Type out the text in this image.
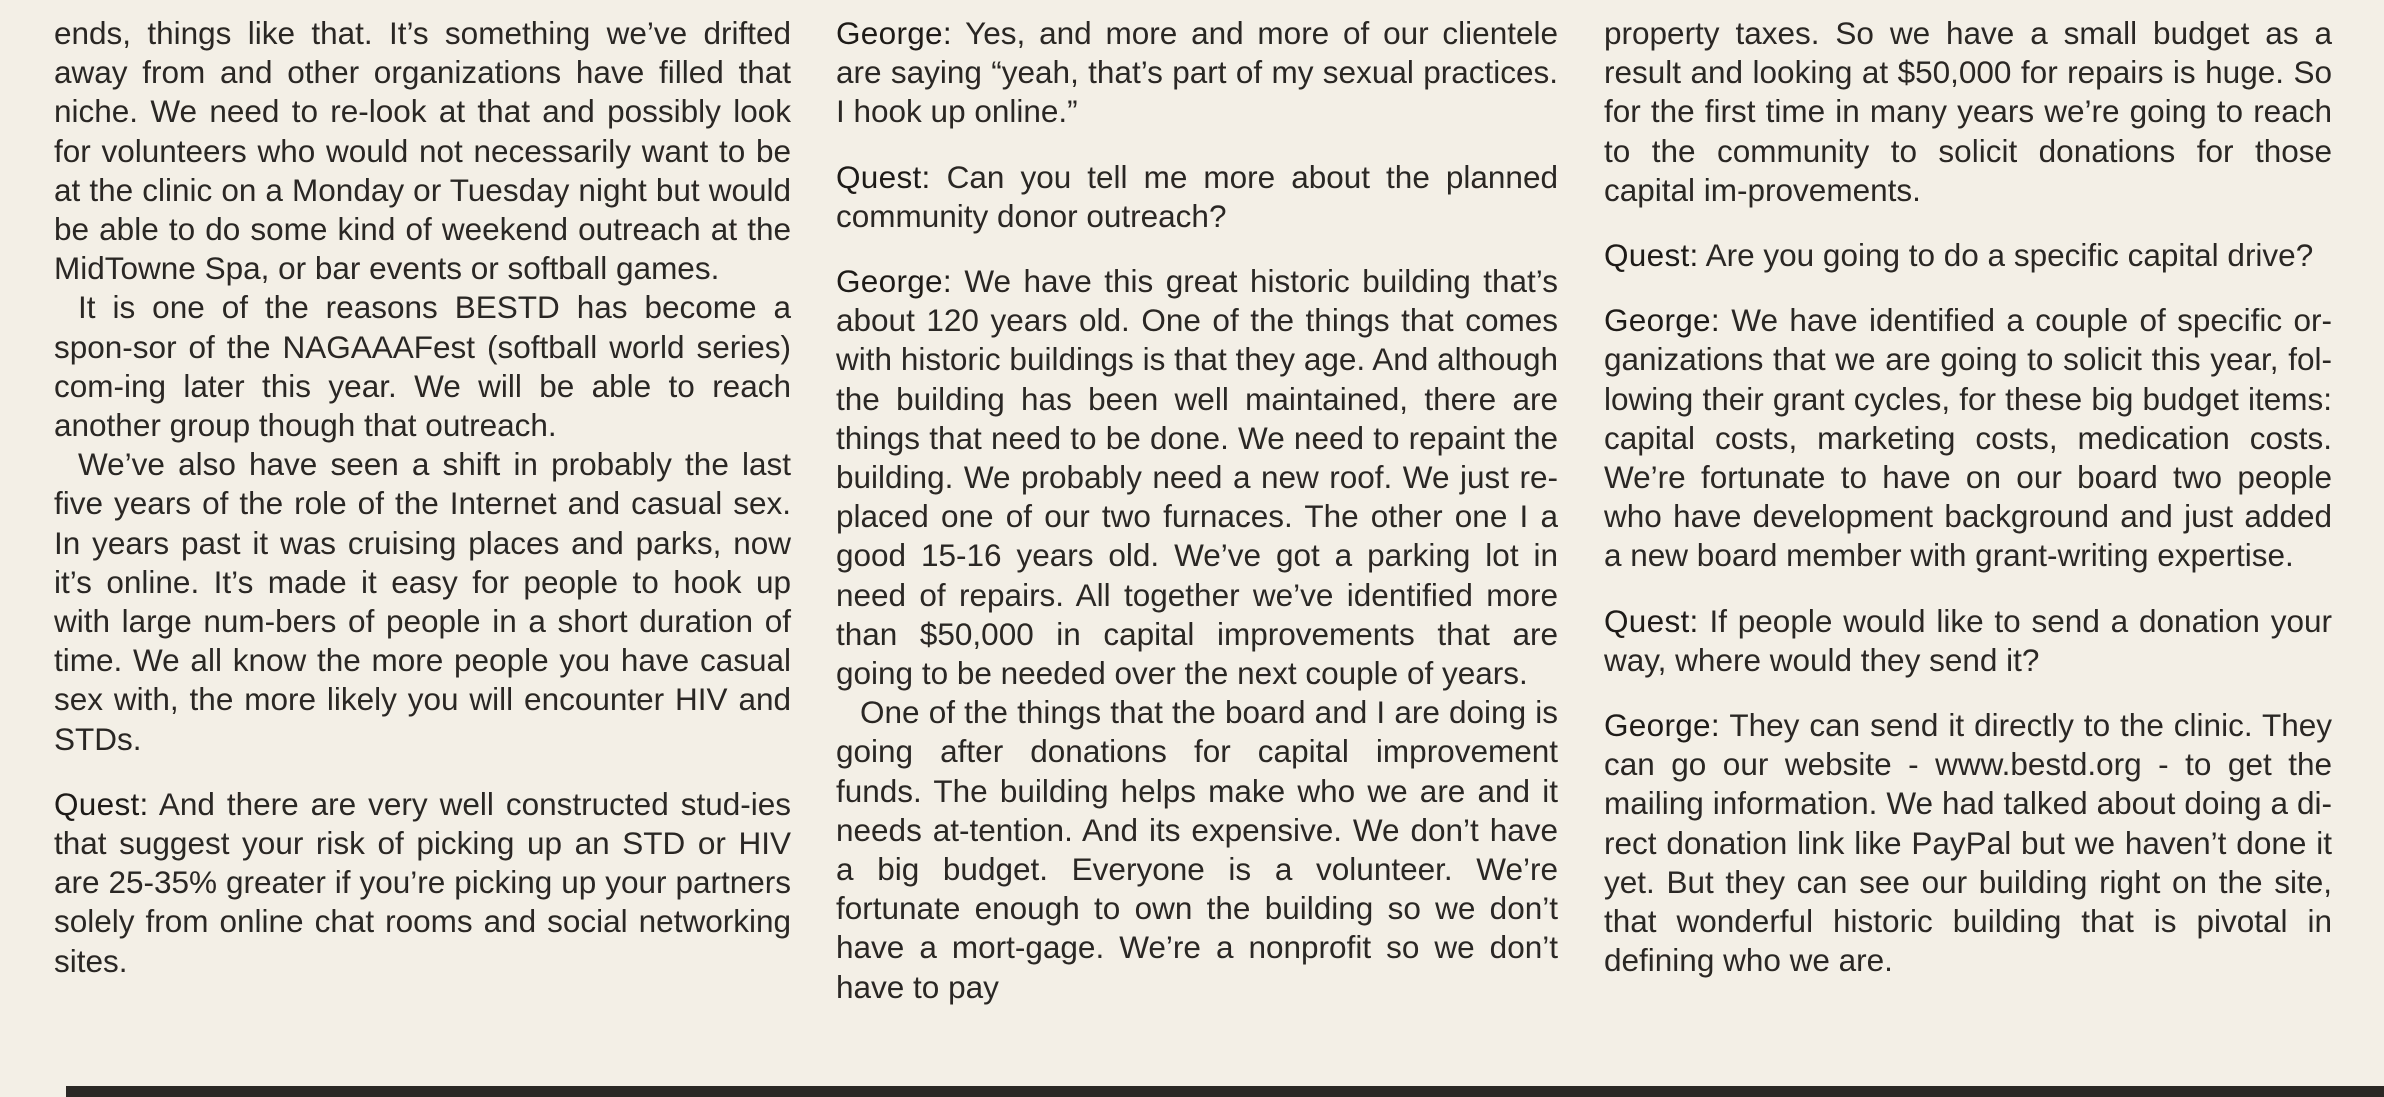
ends, things like that. It’s something we’ve drifted away from and other organizations have filled that niche. We need to re-look at that and possibly look for volunteers who would not necessarily want to be at the clinic on a Monday or Tuesday night but would be able to do some kind of weekend outreach at the MidTowne Spa, or bar events or softball games.

It is one of the reasons BESTD has become a spon-sor of the NAGAAAFest (softball world series) com-ing later this year. We will be able to reach another group though that outreach.

We’ve also have seen a shift in probably the last five years of the role of the Internet and casual sex. In years past it was cruising places and parks, now it’s online. It’s made it easy for people to hook up with large num-bers of people in a short duration of time. We all know the more people you have casual sex with, the more likely you will encounter HIV and STDs.

Quest: And there are very well constructed stud-ies that suggest your risk of picking up an STD or HIV are 25-35% greater if you’re picking up your partners solely from online chat rooms and social networking sites.

George: Yes, and more and more of our clientele are saying “yeah, that’s part of my sexual practices. I hook up online.”

Quest: Can you tell me more about the planned community donor outreach?

George: We have this great historic building that’s about 120 years old. One of the things that comes with historic buildings is that they age. And although the building has been well maintained, there are things that need to be done. We need to repaint the building. We probably need a new roof. We just re-placed one of our two furnaces. The other one I a good 15-16 years old. We’ve got a parking lot in need of repairs. All together we’ve identified more than $50,000 in capital improvements that are going to be needed over the next couple of years.

One of the things that the board and I are doing is going after donations for capital improvement funds. The building helps make who we are and it needs at-tention. And its expensive. We don’t have a big budget. Everyone is a volunteer. We’re fortunate enough to own the building so we don’t have a mort-gage. We’re a nonprofit so we don’t have to pay

property taxes. So we have a small budget as a result and looking at $50,000 for repairs is huge. So for the first time in many years we’re going to reach to the community to solicit donations for those capital im-provements.

Quest: Are you going to do a specific capital drive?

George: We have identified a couple of specific or-ganizations that we are going to solicit this year, fol-lowing their grant cycles, for these big budget items: capital costs, marketing costs, medication costs. We’re fortunate to have on our board two people who have development background and just added a new board member with grant-writing expertise.

Quest: If people would like to send a donation your way, where would they send it?

George: They can send it directly to the clinic. They can go our website - www.bestd.org - to get the mailing information. We had talked about doing a di-rect donation link like PayPal but we haven’t done it yet. But they can see our building right on the site, that wonderful historic building that is pivotal in defining who we are.
